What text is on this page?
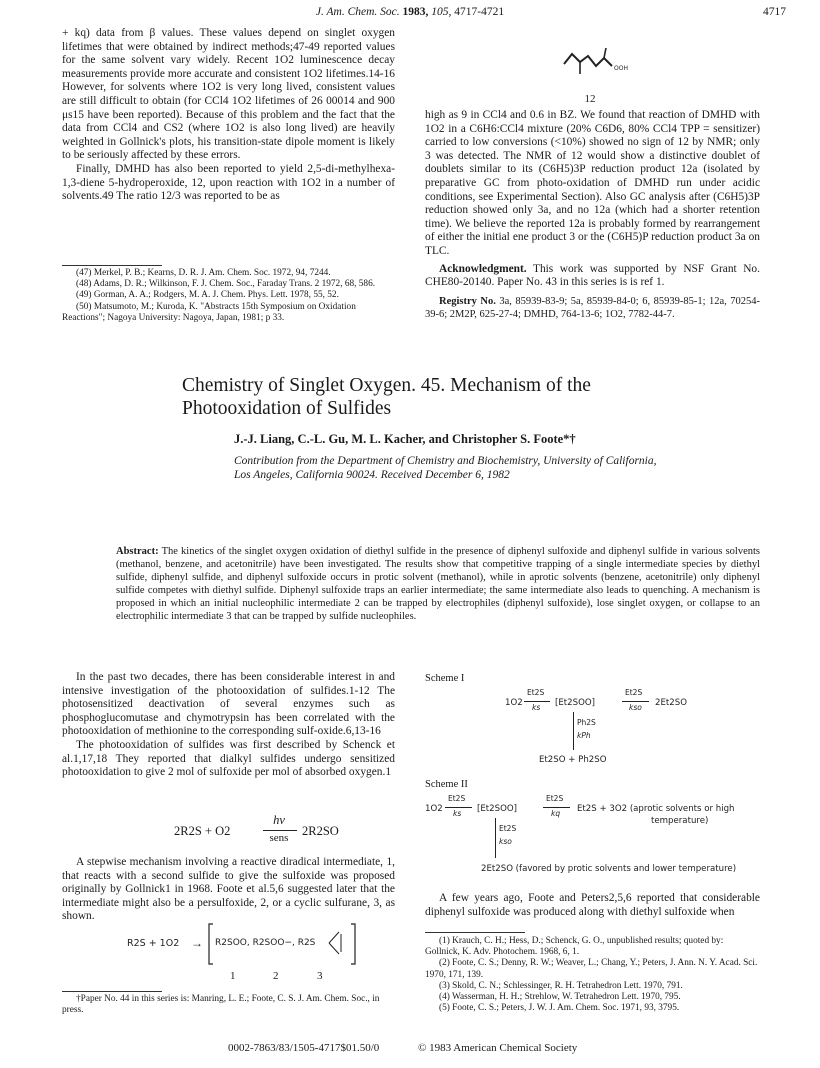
J. Am. Chem. Soc. 1983, 105, 4717-4721	4717

+ kq) data from β values. These values depend on singlet oxygen lifetimes that were obtained by indirect methods;47-49 reported values for the same solvent vary widely. Recent 1O2 luminescence decay measurements provide more accurate and consistent 1O2 lifetimes.14-16 However, for solvents where 1O2 is very long lived, consistent values are still difficult to obtain (for CCl4 1O2 lifetimes of 26 00014 and 900 μs15 have been reported). Because of this problem and the fact that the data from CCl4 and CS2 (where 1O2 is also long lived) are heavily weighted in Gollnick's plots, his transition-state dipole moment is likely to be seriously affected by these errors.

Finally, DMHD has also been reported to yield 2,5-di-methylhexa-1,3-diene 5-hydroperoxide, 12, upon reaction with 1O2 in a number of solvents.49 The ratio 12/3 was reported to be as

(47) Merkel, P. B.; Kearns, D. R. J. Am. Chem. Soc. 1972, 94, 7244.
(48) Adams, D. R.; Wilkinson, F. J. Chem. Soc., Faraday Trans. 2 1972, 68, 586.
(49) Gorman, A. A.; Rodgers, M. A. J. Chem. Phys. Lett. 1978, 55, 52.
(50) Matsumoto, M.; Kuroda, K. "Abstracts 15th Symposium on Oxidation Reactions"; Nagoya University: Nagoya, Japan, 1981; p 33.
OOH
12

high as 9 in CCl4 and 0.6 in BZ. We found that reaction of DMHD with 1O2 in a C6H6:CCl4 mixture (20% C6D6, 80% CCl4 TPP = sensitizer) carried to low conversions (<10%) showed no sign of 12 by NMR; only 3 was detected. The NMR of 12 would show a distinctive doublet of doublets similar to its (C6H5)3P reduction product 12a (isolated by preparative GC from photo-oxidation of DMHD run under acidic conditions, see Experimental Section). Also GC analysis after (C6H5)3P reduction showed only 3a, and no 12a (which had a shorter retention time). We believe the reported 12a is probably formed by rearrangement of either the initial ene product 3 or the (C6H5)P reduction product 3a on TLC.

Acknowledgment. This work was supported by NSF Grant No. CHE80-20140. Paper No. 43 in this series is is ref 1.

Registry No. 3a, 85939-83-9; 5a, 85939-84-0; 6, 85939-85-1; 12a, 70254-39-6; 2M2P, 625-27-4; DMHD, 764-13-6; 1O2, 7782-44-7.

Chemistry of Singlet Oxygen. 45. Mechanism of the
Photooxidation of Sulfides
J.-J. Liang, C.-L. Gu, M. L. Kacher, and Christopher S. Foote*†
Contribution from the Department of Chemistry and Biochemistry, University of California,
Los Angeles, California 90024. Received December 6, 1982
Abstract: The kinetics of the singlet oxygen oxidation of diethyl sulfide in the presence of diphenyl sulfoxide and diphenyl sulfide in various solvents (methanol, benzene, and acetonitrile) have been investigated. The results show that competitive trapping of a single intermediate species by diethyl sulfide, diphenyl sulfide, and diphenyl sulfoxide occurs in protic solvent (methanol), while in aprotic solvents (benzene, acetonitrile) only diphenyl sulfide competes with diethyl sulfide. Diphenyl sulfoxide traps an earlier intermediate; the same intermediate also leads to quenching. A mechanism is proposed in which an initial nucleophilic intermediate 2 can be trapped by electrophiles (diphenyl sulfoxide), lose singlet oxygen, or collapse to an electrophilic intermediate 3 that can be trapped by sulfide nucleophiles.

In the past two decades, there has been considerable interest in and intensive investigation of the photooxidation of sulfides.1-12 The photosensitized deactivation of several enzymes such as phosphoglucomutase and chymotrypsin has been correlated with the photooxidation of methionine to the corresponding sulf-oxide.6,13-16

The photooxidation of sulfides was first described by Schenck et al.1,17,18 They reported that dialkyl sulfides undergo sensitized photooxidation to give 2 mol of sulfoxide per mol of absorbed oxygen.1

2R2S + O2
hν
sens	2R2SO

A stepwise mechanism involving a reactive diradical intermediate, 1, that reacts with a second sulfide to give the sulfoxide was proposed originally by Gollnick1 in 1968. Foote et al.5,6 suggested later that the intermediate might also be a persulfoxide, 2, or a cyclic sulfurane, 3, as shown.

R2S + 1O2 → R2SOO, R2SOO−, R2S
1	2	3
†Paper No. 44 in this series is: Manring, L. E.; Foote, C. S. J. Am. Chem. Soc., in press.
Scheme I
1O2
Et2S
ks [Et2SOO]
Et2S
kso 2Et2SO
Ph2S
kPh
Et2SO + Ph2SO
Scheme II
1O2
Et2S
ks [Et2SOO]
Et2S
kq Et2S + 3O2 (aprotic solvents or high
temperature)
Et2S
kso
2Et2SO (favored by protic solvents and lower temperature)

A few years ago, Foote and Peters2,5,6 reported that considerable diphenyl sulfoxide was produced along with diethyl sulfoxide when

(1) Krauch, C. H.; Hess, D.; Schenck, G. O., unpublished results; quoted by: Gollnick, K. Adv. Photochem. 1968, 6, 1.
(2) Foote, C. S.; Denny, R. W.; Weaver, L.; Chang, Y.; Peters, J. Ann. N. Y. Acad. Sci. 1970, 171, 139.
(3) Skold, C. N.; Schlessinger, R. H. Tetrahedron Lett. 1970, 791.
(4) Wasserman, H. H.; Strehlow, W. Tetrahedron Lett. 1970, 795.
(5) Foote, C. S.; Peters, J. W. J. Am. Chem. Soc. 1971, 93, 3795.
0002-7863/83/1505-4717$01.50/0	© 1983 American Chemical Society
